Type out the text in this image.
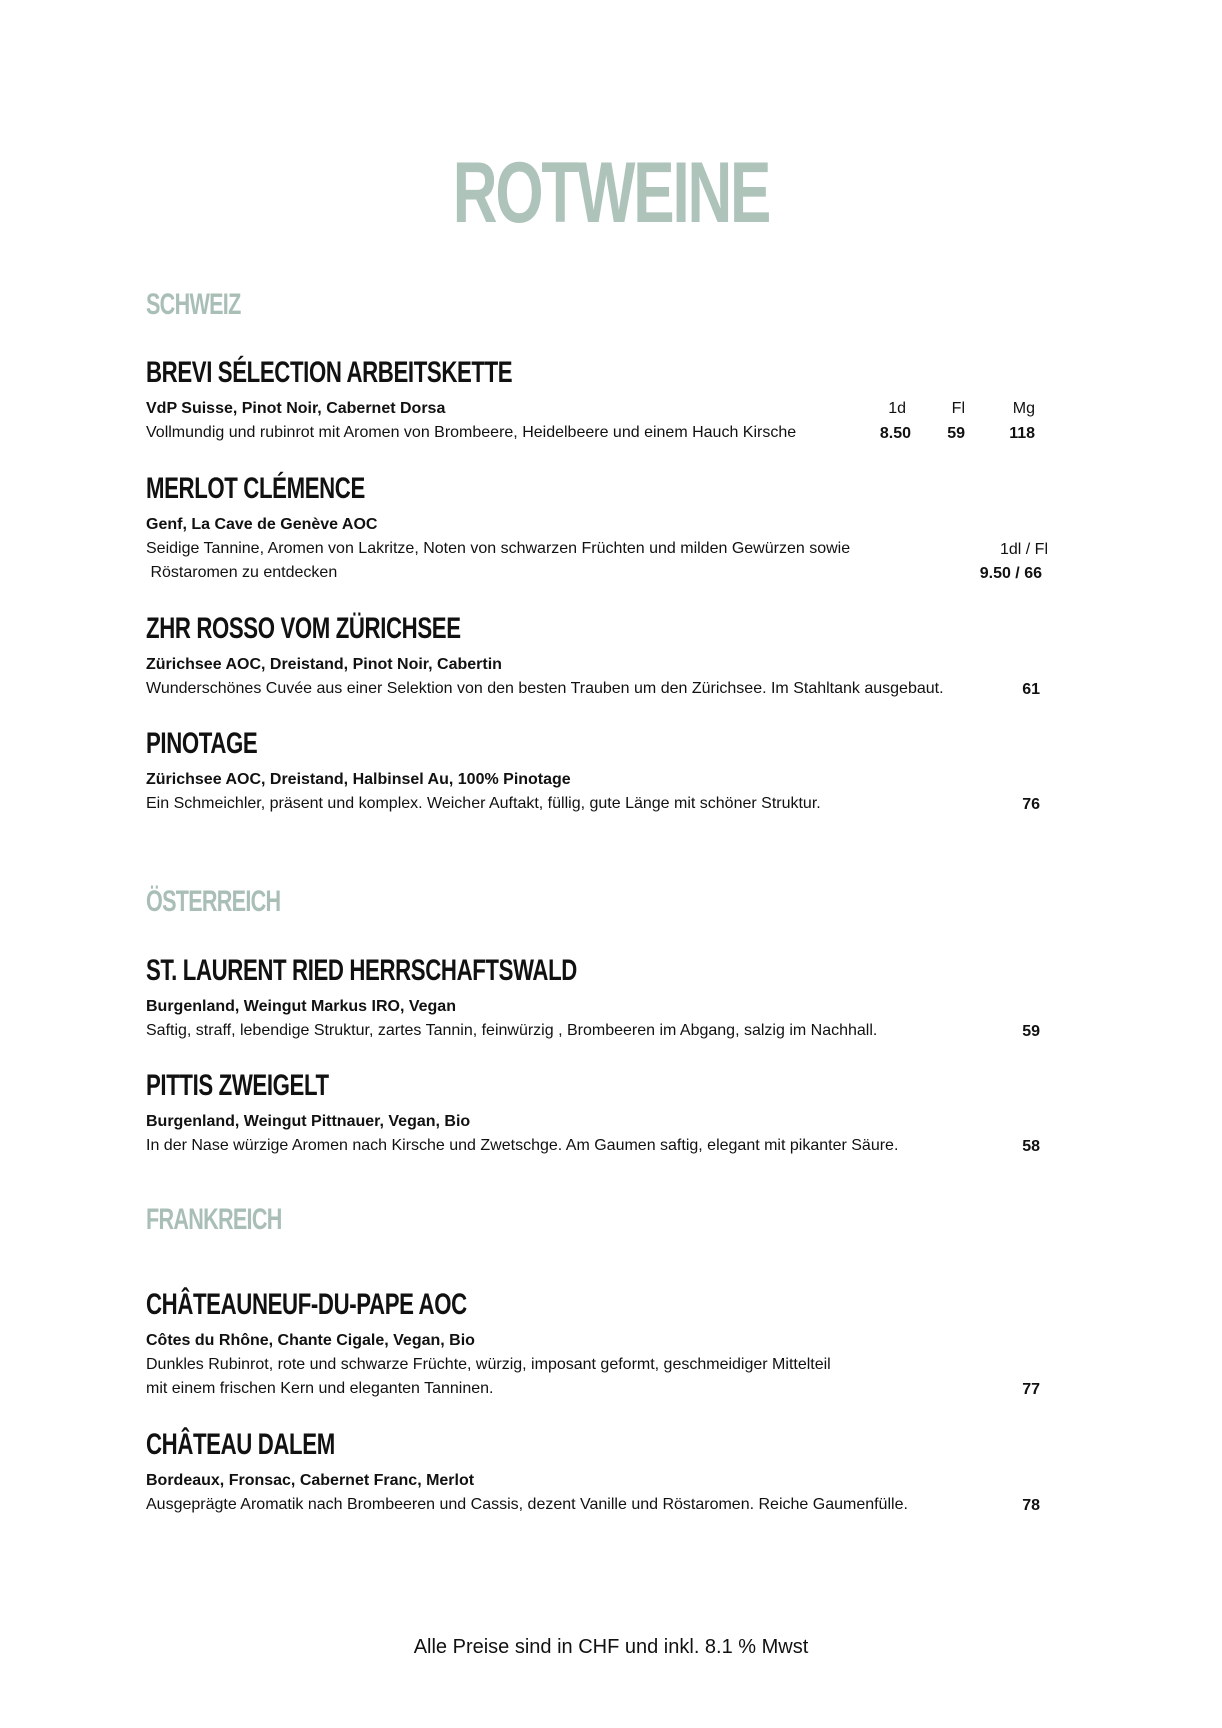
ROTWEINE
SCHWEIZ
BREVI SÉLECTION ARBEITSKETTE
VdP Suisse, Pinot Noir, Cabernet Dorsa
Vollmundig und rubinrot mit Aromen von Brombeere, Heidelbeere und einem Hauch Kirsche
1d	Fl	Mg
8.50	59	118
MERLOT CLÉMENCE
Genf, La Cave de Genève AOC
Seidige Tannine, Aromen von Lakritze, Noten von schwarzen Früchten und milden Gewürzen sowie
Röstaromen zu entdecken
1dl / Fl
9.50 / 66
ZHR ROSSO VOM ZÜRICHSEE
Zürichsee AOC, Dreistand, Pinot Noir, Cabertin
Wunderschönes Cuvée aus einer Selektion von den besten Trauben um den Zürichsee. Im Stahltank ausgebaut.	61
PINOTAGE
Zürichsee AOC, Dreistand, Halbinsel Au, 100% Pinotage
Ein Schmeichler, präsent und komplex. Weicher Auftakt, füllig, gute Länge mit schöner Struktur.	76
ÖSTERREICH
ST. LAURENT RIED HERRSCHAFTSWALD
Burgenland, Weingut Markus IRO, Vegan
Saftig, straff, lebendige Struktur, zartes Tannin, feinwürzig , Brombeeren im Abgang, salzig im Nachhall.	59
PITTIS ZWEIGELT
Burgenland, Weingut Pittnauer, Vegan, Bio
In der Nase würzige Aromen nach Kirsche und Zwetschge. Am Gaumen saftig, elegant mit pikanter Säure.	58
FRANKREICH
CHÂTEAUNEUF-DU-PAPE AOC
Côtes du Rhône, Chante Cigale, Vegan, Bio
Dunkles Rubinrot, rote und schwarze Früchte, würzig, imposant geformt, geschmeidiger Mittelteil
mit einem frischen Kern und eleganten Tanninen.	77
CHÂTEAU DALEM
Bordeaux, Fronsac, Cabernet Franc, Merlot
Ausgeprägte Aromatik nach Brombeeren und Cassis, dezent Vanille und Röstaromen. Reiche Gaumenfülle.	78
Alle Preise sind in CHF und inkl. 8.1 % Mwst
